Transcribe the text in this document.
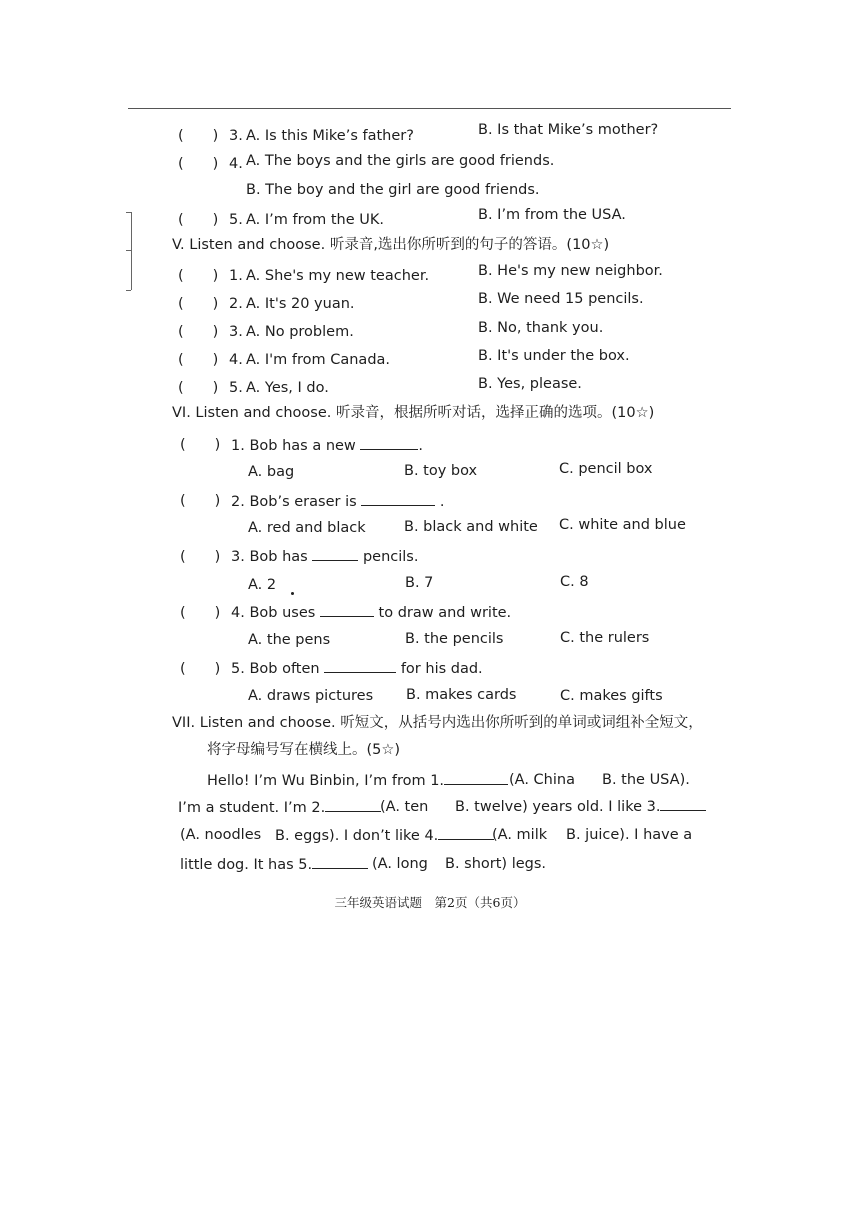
(　　) 3. A. Is this Mike’s father?	B. Is that Mike’s mother?
(　　) 4. A. The boys and the girls are good friends.
B. The boy and the girl are good friends.
(　　) 5. A. I’m from the UK.	B. I’m from the USA.
V. Listen and choose. 听录音,选出你所听到的句子的答语。(10☆)
(　　) 1. A. She's my new teacher.	B. He's my new neighbor.
(　　) 2. A. It's 20 yuan.	B. We need 15 pencils.
(　　) 3. A. No problem.	B. No, thank you.
(　　) 4. A. I'm from Canada.	B. It's under the box.
(　　) 5. A. Yes, I do.	B. Yes, please.
VI. Listen and choose. 听录音，根据所听对话，选择正确的选项。(10☆)
(　　) 1. Bob has a new	.
A. bag	B. toy box	C. pencil box
(　　) 2. Bob’s eraser is	.
A. red and black	B. black and white C. white and blue
(　　) 3. Bob has	pencils.
A. 2	B. 7	C. 8
(　　) 4. Bob uses	to draw and write.
A. the pens	B. the pencils	C. the rulers
(　　) 5. Bob often	for his dad.
A. draws pictures B. makes cards	C. makes gifts
VII. Listen and choose. 听短文，从括号内选出你所听到的单词或词组补全短文，
将字母编号写在横线上。(5☆)
Hello! I’m Wu Binbin, I’m from 1.	(A. China B. the USA).
I’m a student. I’m 2.	(A. ten B. twelve) years old. I like 3.
(A. noodles B. eggs). I don’t like 4.	(A. milk B. juice). I have a
little dog. It has 5.	(A. long B. short) legs.
三年级英语试题　第2页（共6页）
